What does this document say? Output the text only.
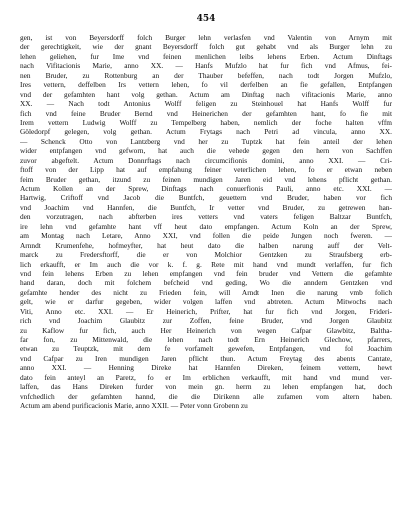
454
gen, ist von Beyersdorff folch Burger lehn verlasfen vnd Valentin von Arnym mit
der gerechtigkeit, wie der gnant Beyersdorff folch gut gehabt vnd als Burger lehn zu
lehen geliehen, fur Ime vnd feinen menlichen leibs lehens Erben. Actum Dinftags
nach Vifitacionis Marie, anno XX. — Hanfs Mufzlo hat fur fich vnd Afmus, fei-
nen Bruder, zu Rottenburg an der Thauber befeffen, nach todt Jorgen Mufzlo,
Ires vettern, deffelben Irs vettern lehen, fo vil derfelben an fie gefallen, Entpfangen
vnd der gefamhten hant volg gethan. Actum am Dinftag nach vifitacionis Marie, anno
XX. — Nach todt Antonius Wolff feligen zu Steinhouel hat Hanfs Wolff fur
fich vnd feine Bruder Bernd vnd Heinerichen der gefamhten hant, fo fie mit
Irem vettern Ludwig Wolff zu Tempelberg haben, nemlich der foche halten vffm
Göledorpf gelegen, volg gethan. Actum Frytags nach Petri ad vincula, anno XX.
— Schenck Otto von Lantzberg vnd her zu Tuptzk hat fein anteil der lehen
wider entpfangen vnd gefworn, hat auch die vehede gegen den hern von Sachffen
zuvor abgeftelt. Actum Donnrftags nach circumcifionis domini, anno XXI. — Cri-
ftoff von der Lipp hat auf empfahung feiner veterlichen lehen, fo er etwan neben
feim Bruder gethan, itzund zu feinen mundigen Jaren eid vnd lehens pflicht gethan.
Actum Kollen an der Sprew, Dinftags nach conuerfionis Pauli, anno etc. XXI. —
Hartwig, Criftoff vnd Jacob die Buntfch, geuettern vnd Bruder, haben vor fich
vnd Joachim vnd Hannfen, die Buntfch, Ir vetter vnd Bruder, zu getrewen han-
den vorzutragen, nach abfterben ires vetters vnd vaters feligen Baltzar Buntfch,
ire lehn vnd gefamhte hant vff heut dato empfangen. Actum Koln an der Sprew,
am Montag nach Letare, Anno XXI, vnd follen die peide Jungen noch fweren. —
Arnndt Krumenfehe, hofmeyfter, hat heut dato die halben narung auff der Velt-
marck zu Fredersftorff, die er von Molchior Gentzken zu Straufsberg erb-
lich erkaufft, er Im auch die vor k. f. g. Rete mit hand vnd mundt verlaffen, fur fich
vnd fein lehens Erben zu lehen empfangen vnd fein bruder vnd Vettern die gefamhte
hand daran, doch mit folchem befcheid vnd geding, Wo die anndern Gentzken vnd
gefamhte hender des nicht zu Frieden fein, will Arndt Inen die narung vmb folich
gelt, wie er darfur gegeben, wider volgen laffen vnd abtreten. Actum Mitwochs nach
Viti, Anno etc. XXI. — Er Heinerich, Prifter, hat fur fich vnd Jorgen, Frideri-
rich vnd Joachim Glaubitz zur Zoffen, feine Bruder, vnd Jorgen Glaubitz
zu Kaflow fur fich, auch Her Heinerich von wegen Cafpar Glawbitz, Baltha-
far fon, zu Mittenwald, die lehen nach todt Ern Heinerich Glechow, pfarrers,
etwan zu Teuptzk, mit dem fe vorfamelt gewefen, Entpfangen, vnd fol Joachim
vnd Cafpar zu Iren mundigen Jaren pflicht thun. Actum Freytag des abents Cantate,
anno XXI. — Henning Direke hat Hannfen Direken, feinem vettern, hewt
dato fein anteyl an Paretz, fo er Im erblichen verkaufft, mit hand vnd mund ver-
laffen, das Hans Direken furder von mein gn. herrn zu lehen empfangen hat, doch
vnfchedlich der gefamhten hannd, die die Dirikenn alle zufamen vom altern haben.
Actum am abend purificacionis Marie, anno XXII. — Peter vonn Grobenn zu
